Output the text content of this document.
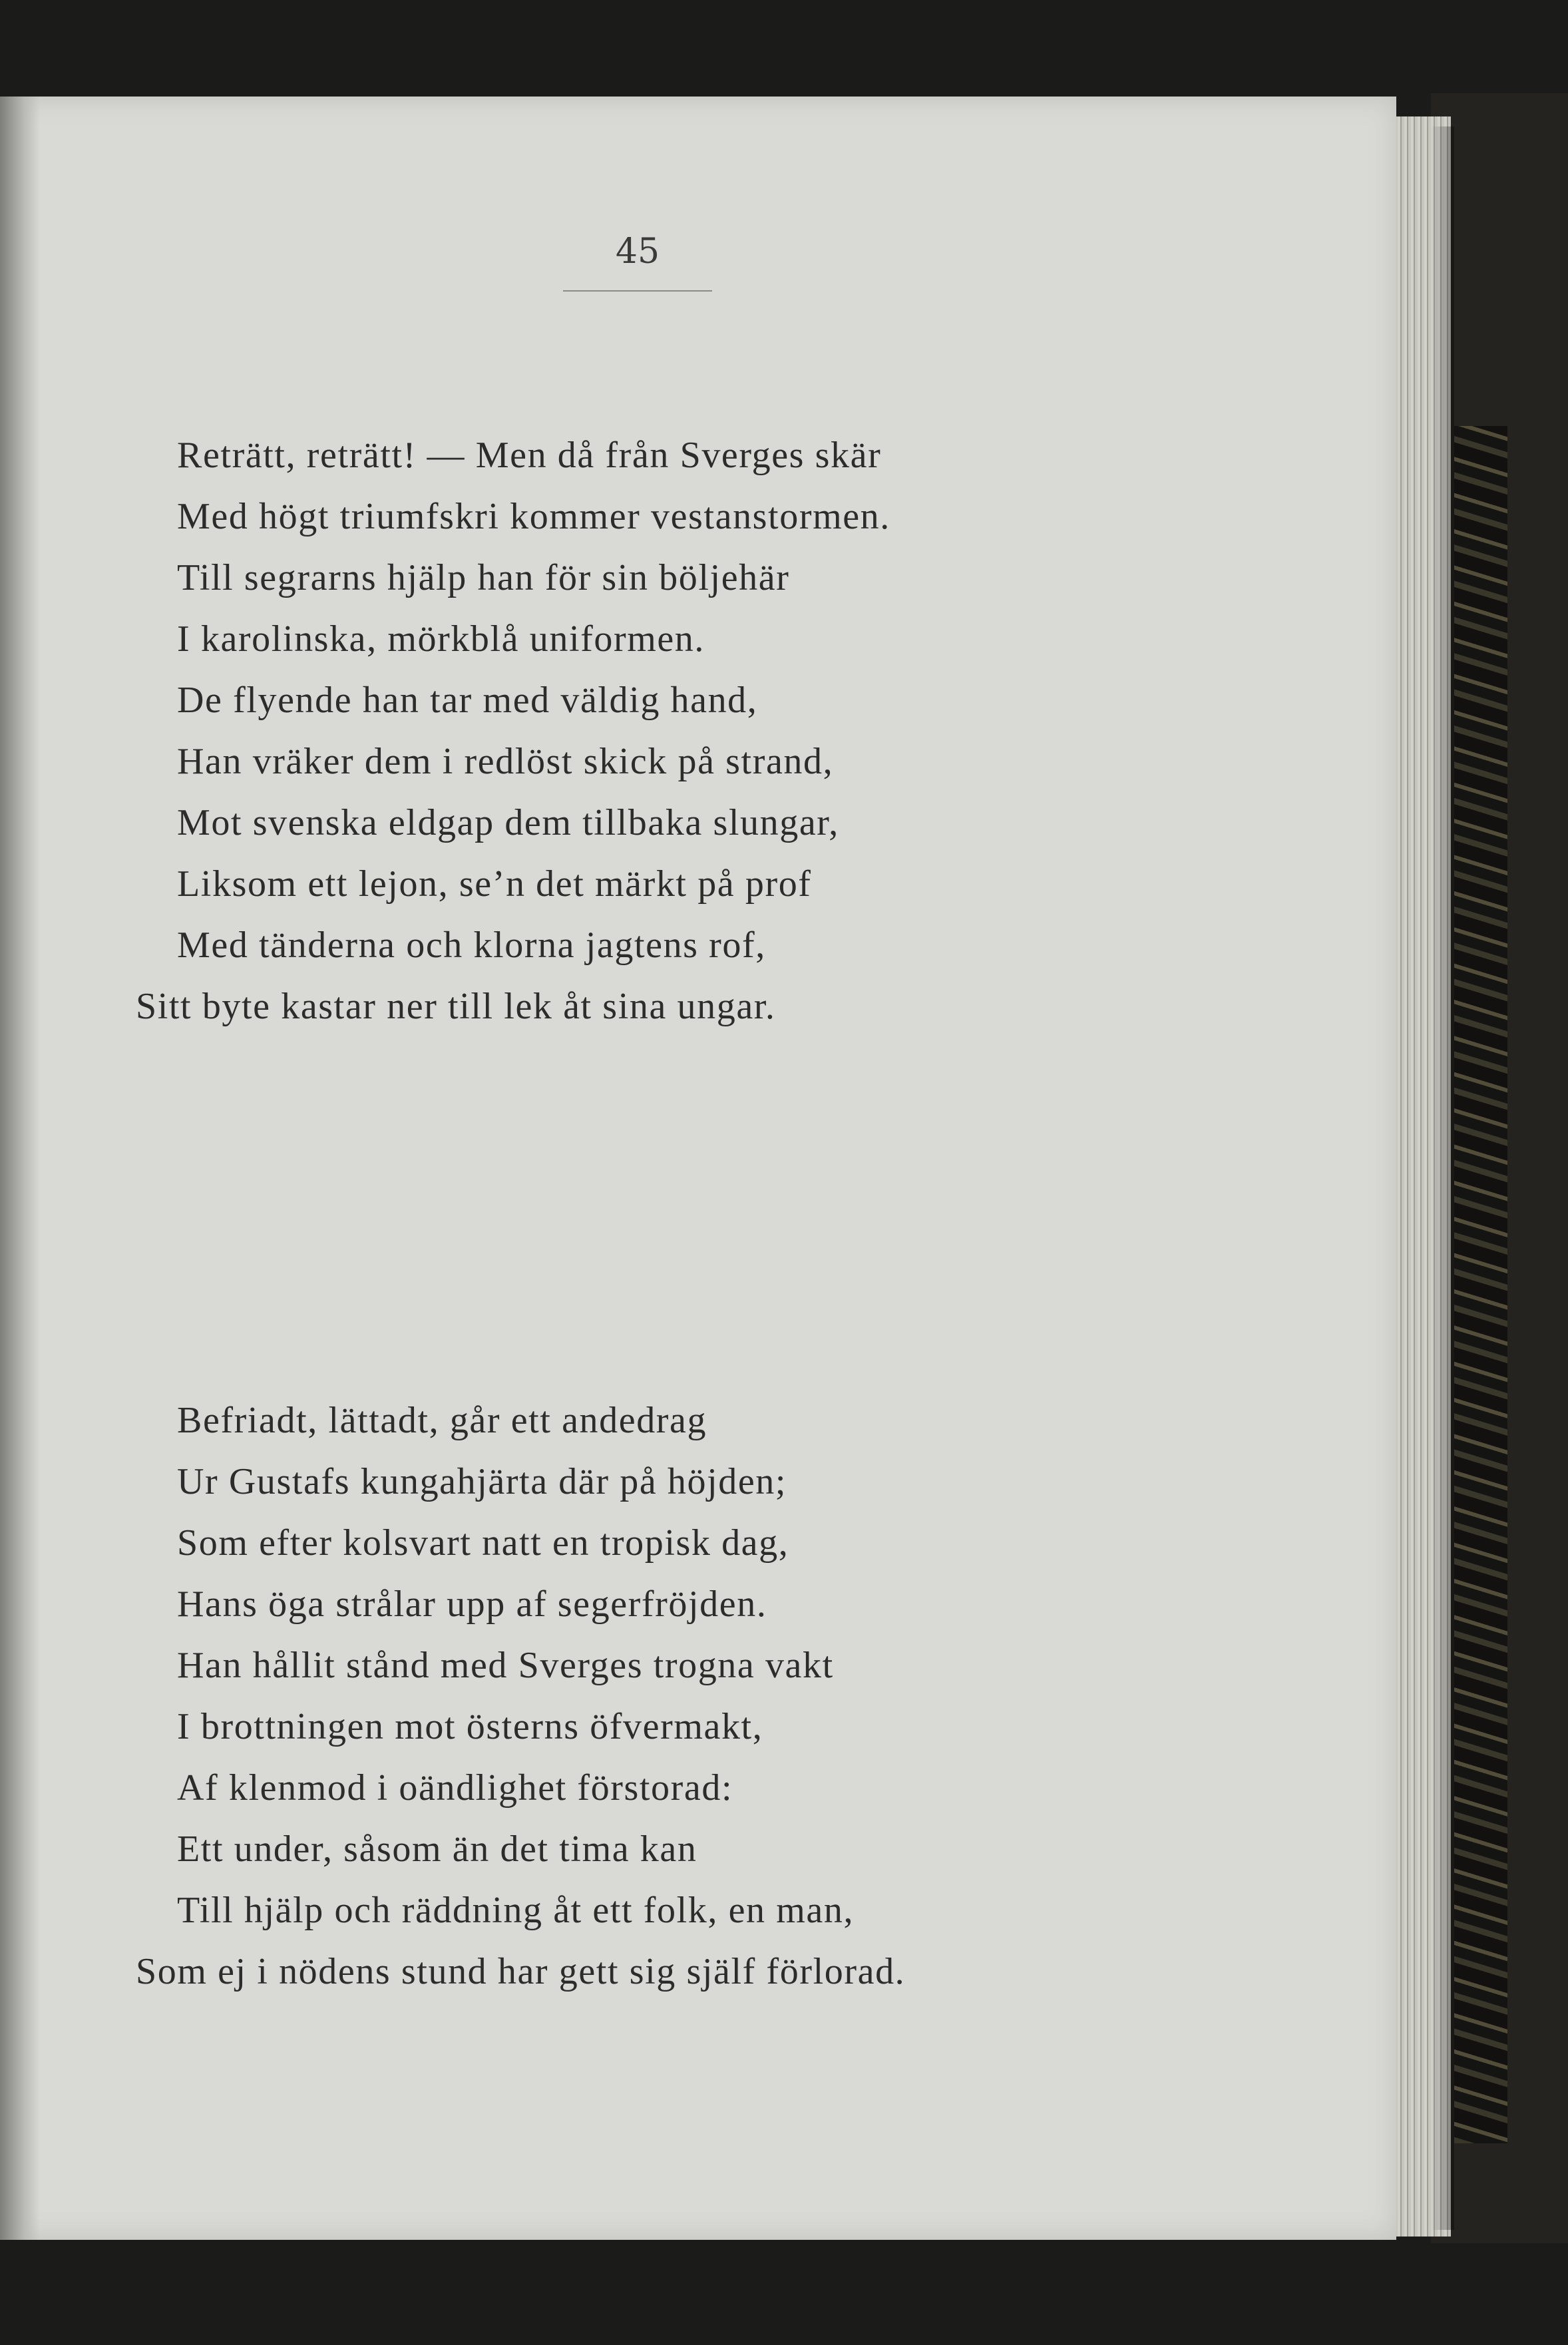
45
Reträtt, reträtt! — Men då från Sverges skär
Med högt triumfskri kommer vestanstormen.
Till segrarns hjälp han för sin böljehär
I karolinska, mörkblå uniformen.
De flyende han tar med väldig hand,
Han vräker dem i redlöst skick på strand,
Mot svenska eldgap dem tillbaka slungar,
Liksom ett lejon, se’n det märkt på prof
Med tänderna och klorna jagtens rof,
Sitt byte kastar ner till lek åt sina ungar.
Befriadt, lättadt, går ett andedrag
Ur Gustafs kungahjärta där på höjden;
Som efter kolsvart natt en tropisk dag,
Hans öga strålar upp af segerfröjden.
Han hållit stånd med Sverges trogna vakt
I brottningen mot österns öfvermakt,
Af klenmod i oändlighet förstorad:
Ett under, såsom än det tima kan
Till hjälp och räddning åt ett folk, en man,
Som ej i nödens stund har gett sig själf förlorad.
